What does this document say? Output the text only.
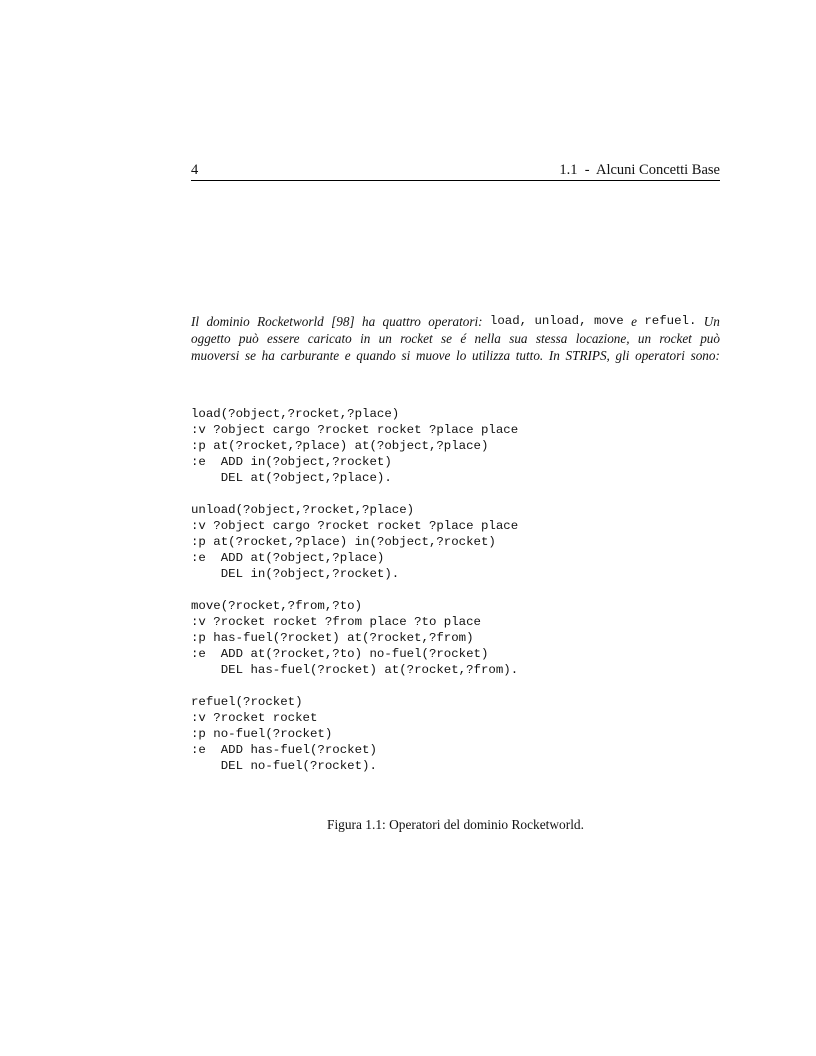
4	1.1  -  Alcuni Concetti Base
Il dominio Rocketworld [98] ha quattro operatori: load, unload, move e refuel. Un
oggetto può essere caricato in un rocket se é nella sua stessa locazione, un rocket può
muoversi se ha carburante e quando si muove lo utilizza tutto. In STRIPS, gli operatori sono:
load(?object,?rocket,?place)
:v ?object cargo ?rocket rocket ?place place
:p at(?rocket,?place) at(?object,?place)
:e  ADD in(?object,?rocket)
DEL at(?object,?place).
unload(?object,?rocket,?place)
:v ?object cargo ?rocket rocket ?place place
:p at(?rocket,?place) in(?object,?rocket)
:e  ADD at(?object,?place)
DEL in(?object,?rocket).
move(?rocket,?from,?to)
:v ?rocket rocket ?from place ?to place
:p has-fuel(?rocket) at(?rocket,?from)
:e  ADD at(?rocket,?to) no-fuel(?rocket)
DEL has-fuel(?rocket) at(?rocket,?from).
refuel(?rocket)
:v ?rocket rocket
:p no-fuel(?rocket)
:e  ADD has-fuel(?rocket)
DEL no-fuel(?rocket).
Figura 1.1: Operatori del dominio Rocketworld.
